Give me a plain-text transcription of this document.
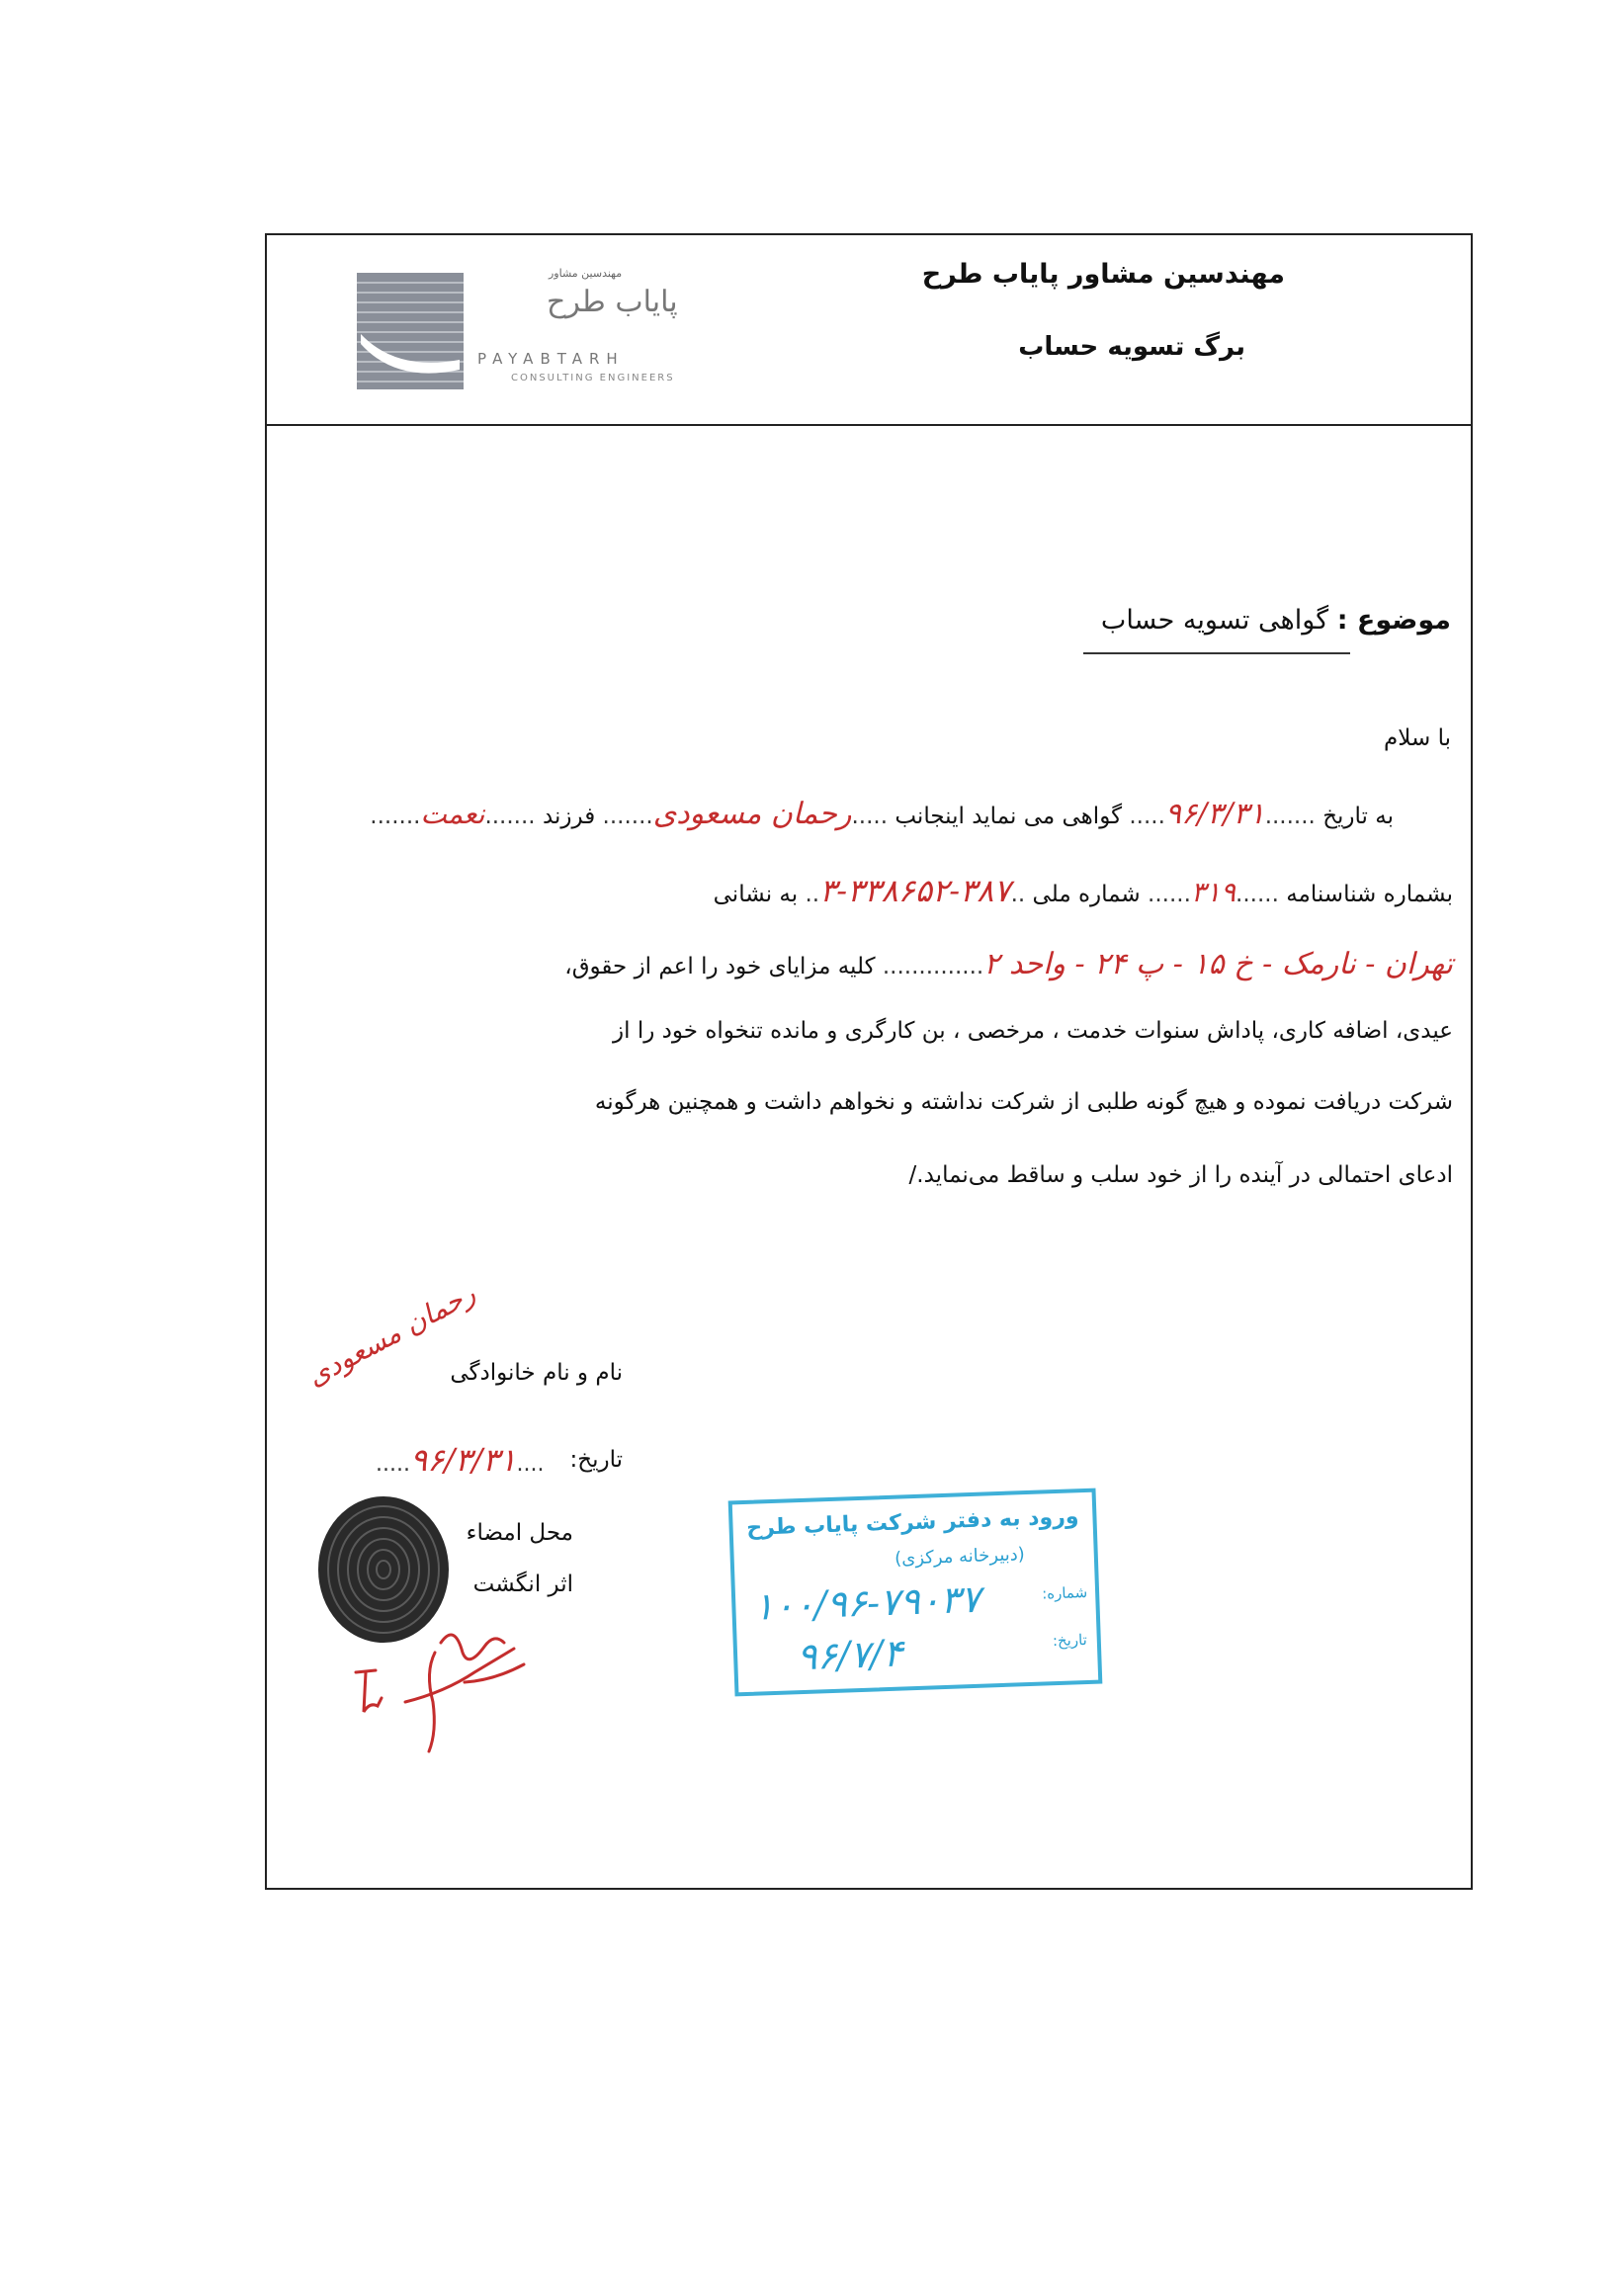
مهندسین مشاور
پایاب طرح
PAYABTARH
CONSULTING ENGINEERS
مهندسین مشاور پایاب طرح
برگ تسویه حساب
موضوع : گواهی تسویه حساب
با سلام
به تاریخ .......۹۶/۳/۳۱..... گواهی می نماید اینجانب .....رحمان مسعودی....... فرزند .......نعمت.......
بشماره شناسنامه ......۳۱۹...... شماره ملی ..۳۸۷-۳۳۸۶۵۲-۳.. به نشانی
تهران - نارمک - خ ۱۵ - پ ۲۴ - واحد ۲.............. کلیه مزایای خود را اعم از حقوق،
عیدی، اضافه کاری، پاداش سنوات خدمت ، مرخصی ، بن کارگری و مانده تنخواه خود را از
شرکت دریافت نموده و هیچ گونه طلبی از شرکت نداشته و نخواهم داشت و همچنین هرگونه
ادعای احتمالی در آینده را از خود سلب و ساقط می‌نماید./
نام و نام خانوادگی
رحمان مسعودی
تاریخ:
....۹۶/۳/۳۱.....
محل امضاء
اثر انگشت
ورود به دفتر شرکت پایاب طرح
(دبیرخانه مرکزی)
شماره:
تاریخ:
۱۰۰/۹۶-۷۹۰۳۷
۹۶/۷/۴
